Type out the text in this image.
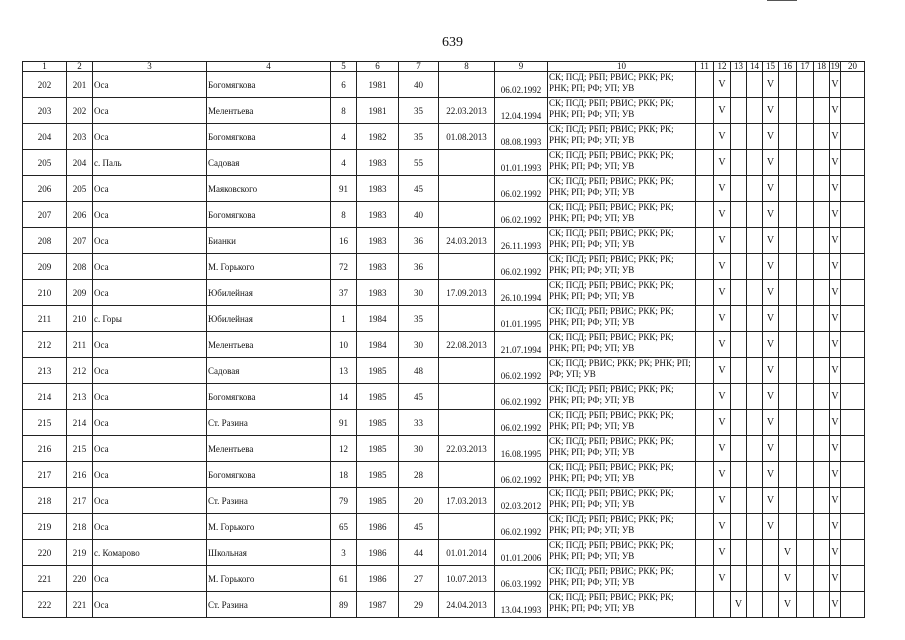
639
1	2	3	4	5	6	7	8	9	10	11	12	13	14	15	16	17	18	19	20
202	201	Оса	Богомягкова	6	1981	40		06.02.1992	СК; ПСД; РБП; РВИС; РКК; РК; РНК; РП; РФ; УП; УВ		V			V				V	
203	202	Оса	Мелентьева	8	1981	35	22.03.2013	12.04.1994	СК; ПСД; РБП; РВИС; РКК; РК; РНК; РП; РФ; УП; УВ		V			V				V	
204	203	Оса	Богомягкова	4	1982	35	01.08.2013	08.08.1993	СК; ПСД; РБП; РВИС; РКК; РК; РНК; РП; РФ; УП; УВ		V			V				V	
205	204	с. Паль	Садовая	4	1983	55		01.01.1993	СК; ПСД; РБП; РВИС; РКК; РК; РНК; РП; РФ; УП; УВ		V			V				V	
206	205	Оса	Маяковского	91	1983	45		06.02.1992	СК; ПСД; РБП; РВИС; РКК; РК; РНК; РП; РФ; УП; УВ		V			V				V	
207	206	Оса	Богомягкова	8	1983	40		06.02.1992	СК; ПСД; РБП; РВИС; РКК; РК; РНК; РП; РФ; УП; УВ		V			V				V	
208	207	Оса	Бианки	16	1983	36	24.03.2013	26.11.1993	СК; ПСД; РБП; РВИС; РКК; РК; РНК; РП; РФ; УП; УВ		V			V				V	
209	208	Оса	М. Горького	72	1983	36		06.02.1992	СК; ПСД; РБП; РВИС; РКК; РК; РНК; РП; РФ; УП; УВ		V			V				V	
210	209	Оса	Юбилейная	37	1983	30	17.09.2013	26.10.1994	СК; ПСД; РБП; РВИС; РКК; РК; РНК; РП; РФ; УП; УВ		V			V				V	
211	210	с. Горы	Юбилейная	1	1984	35		01.01.1995	СК; ПСД; РБП; РВИС; РКК; РК; РНК; РП; РФ; УП; УВ		V			V				V	
212	211	Оса	Мелентьева	10	1984	30	22.08.2013	21.07.1994	СК; ПСД; РБП; РВИС; РКК; РК; РНК; РП; РФ; УП; УВ		V			V				V	
213	212	Оса	Садовая	13	1985	48		06.02.1992	СК; ПСД; РВИС; РКК; РК; РНК; РП; РФ; УП; УВ		V			V				V	
214	213	Оса	Богомягкова	14	1985	45		06.02.1992	СК; ПСД; РБП; РВИС; РКК; РК; РНК; РП; РФ; УП; УВ		V			V				V	
215	214	Оса	Ст. Разина	91	1985	33		06.02.1992	СК; ПСД; РБП; РВИС; РКК; РК; РНК; РП; РФ; УП; УВ		V			V				V	
216	215	Оса	Мелентьева	12	1985	30	22.03.2013	16.08.1995	СК; ПСД; РБП; РВИС; РКК; РК; РНК; РП; РФ; УП; УВ		V			V				V	
217	216	Оса	Богомягкова	18	1985	28		06.02.1992	СК; ПСД; РБП; РВИС; РКК; РК; РНК; РП; РФ; УП; УВ		V			V				V	
218	217	Оса	Ст. Разина	79	1985	20	17.03.2013	02.03.2012	СК; ПСД; РБП; РВИС; РКК; РК; РНК; РП; РФ; УП; УВ		V			V				V	
219	218	Оса	М. Горького	65	1986	45		06.02.1992	СК; ПСД; РБП; РВИС; РКК; РК; РНК; РП; РФ; УП; УВ		V			V				V	
220	219	с. Комарово	Школьная	3	1986	44	01.01.2014	01.01.2006	СК; ПСД; РБП; РВИС; РКК; РК; РНК; РП; РФ; УП; УВ		V				V			V	
221	220	Оса	М. Горького	61	1986	27	10.07.2013	06.03.1992	СК; ПСД; РБП; РВИС; РКК; РК; РНК; РП; РФ; УП; УВ		V				V			V	
222	221	Оса	Ст. Разина	89	1987	29	24.04.2013	13.04.1993	СК; ПСД; РБП; РВИС; РКК; РК; РНК; РП; РФ; УП; УВ			V			V			V	
